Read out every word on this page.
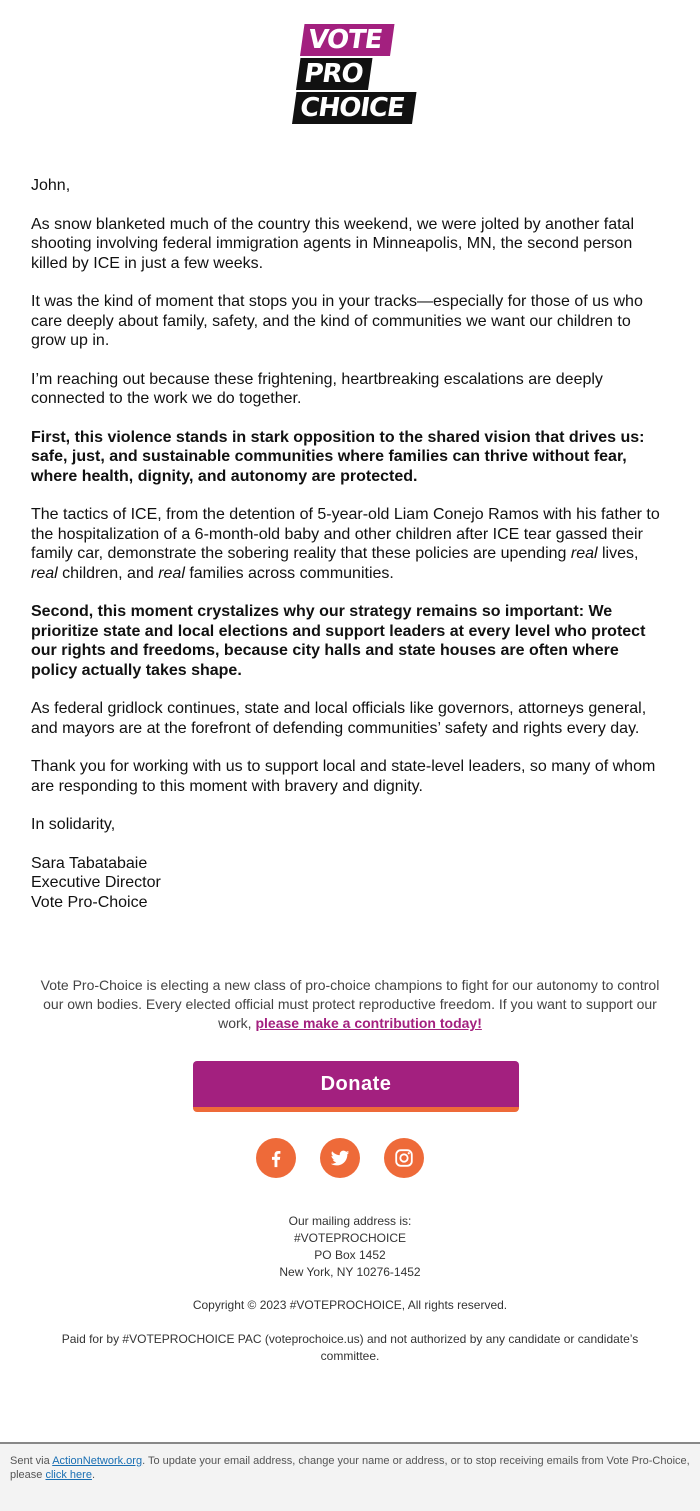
VOTE
PRO
CHOICE

John,

As snow blanketed much of the country this weekend, we were jolted by another fatal shooting involving federal immigration agents in Minneapolis, MN, the second person killed by ICE in just a few weeks.

It was the kind of moment that stops you in your tracks—especially for those of us who care deeply about family, safety, and the kind of communities we want our children to grow up in.

I’m reaching out because these frightening, heartbreaking escalations are deeply connected to the work we do together.

First, this violence stands in stark opposition to the shared vision that drives us: safe, just, and sustainable communities where families can thrive without fear, where health, dignity, and autonomy are protected.

The tactics of ICE, from the detention of 5-year-old Liam Conejo Ramos with his father to the hospitalization of a 6-month-old baby and other children after ICE tear gassed their family car, demonstrate the sobering reality that these policies are upending real lives, real children, and real families across communities.

Second, this moment crystalizes why our strategy remains so important: We prioritize state and local elections and support leaders at every level who protect our rights and freedoms, because city halls and state houses are often where policy actually takes shape.

As federal gridlock continues, state and local officials like governors, attorneys general, and mayors are at the forefront of defending communities’ safety and rights every day.

Thank you for working with us to support local and state-level leaders, so many of whom are responding to this moment with bravery and dignity.

In solidarity,

Sara Tabatabaie

Executive Director

Vote Pro-Choice

Vote Pro-Choice is electing a new class of pro-choice champions to fight for our autonomy to control our own bodies. Every elected official must protect reproductive freedom. If you want to support our work, please make a contribution today!
Donate
Our mailing address is:
#VOTEPROCHOICE
PO Box 1452
New York, NY 10276-1452
Copyright © 2023 #VOTEPROCHOICE, All rights reserved.
Paid for by #VOTEPROCHOICE PAC (voteprochoice.us) and not authorized by any candidate or candidate’s committee.
Sent via ActionNetwork.org. To update your email address, change your name or address, or to stop receiving emails from Vote Pro-Choice, please click here.
